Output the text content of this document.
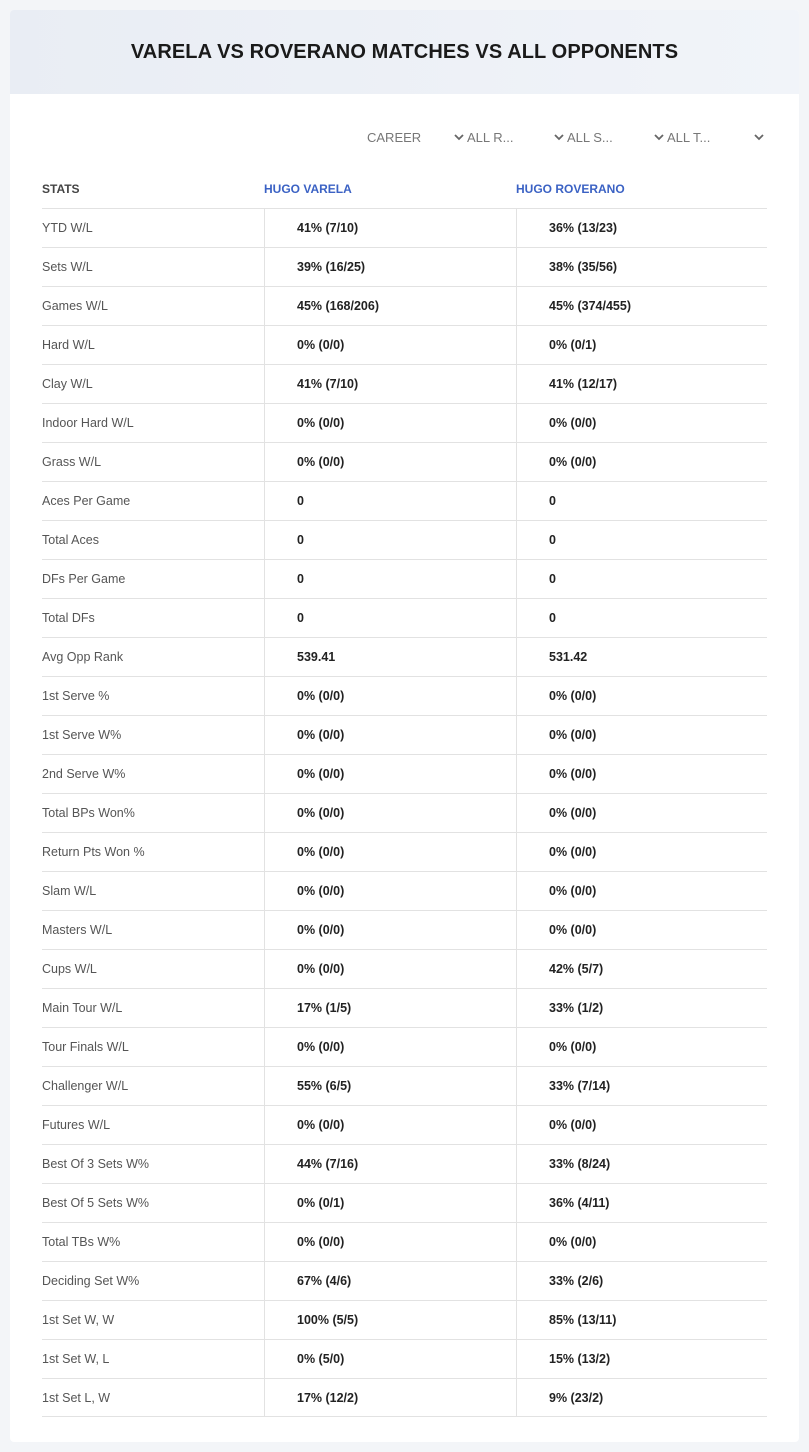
VARELA VS ROVERANO MATCHES VS ALL OPPONENTS
CAREER	ALL R...	ALL S...	ALL T...
STATS	HUGO VARELA	HUGO ROVERANO
YTD W/L	41% (7/10)	36% (13/23)
Sets W/L	39% (16/25)	38% (35/56)
Games W/L	45% (168/206)	45% (374/455)
Hard W/L	0% (0/0)	0% (0/1)
Clay W/L	41% (7/10)	41% (12/17)
Indoor Hard W/L	0% (0/0)	0% (0/0)
Grass W/L	0% (0/0)	0% (0/0)
Aces Per Game	0	0
Total Aces	0	0
DFs Per Game	0	0
Total DFs	0	0
Avg Opp Rank	539.41	531.42
1st Serve %	0% (0/0)	0% (0/0)
1st Serve W%	0% (0/0)	0% (0/0)
2nd Serve W%	0% (0/0)	0% (0/0)
Total BPs Won%	0% (0/0)	0% (0/0)
Return Pts Won %	0% (0/0)	0% (0/0)
Slam W/L	0% (0/0)	0% (0/0)
Masters W/L	0% (0/0)	0% (0/0)
Cups W/L	0% (0/0)	42% (5/7)
Main Tour W/L	17% (1/5)	33% (1/2)
Tour Finals W/L	0% (0/0)	0% (0/0)
Challenger W/L	55% (6/5)	33% (7/14)
Futures W/L	0% (0/0)	0% (0/0)
Best Of 3 Sets W%	44% (7/16)	33% (8/24)
Best Of 5 Sets W%	0% (0/1)	36% (4/11)
Total TBs W%	0% (0/0)	0% (0/0)
Deciding Set W%	67% (4/6)	33% (2/6)
1st Set W, W	100% (5/5)	85% (13/11)
1st Set W, L	0% (5/0)	15% (13/2)
1st Set L, W	17% (12/2)	9% (23/2)
